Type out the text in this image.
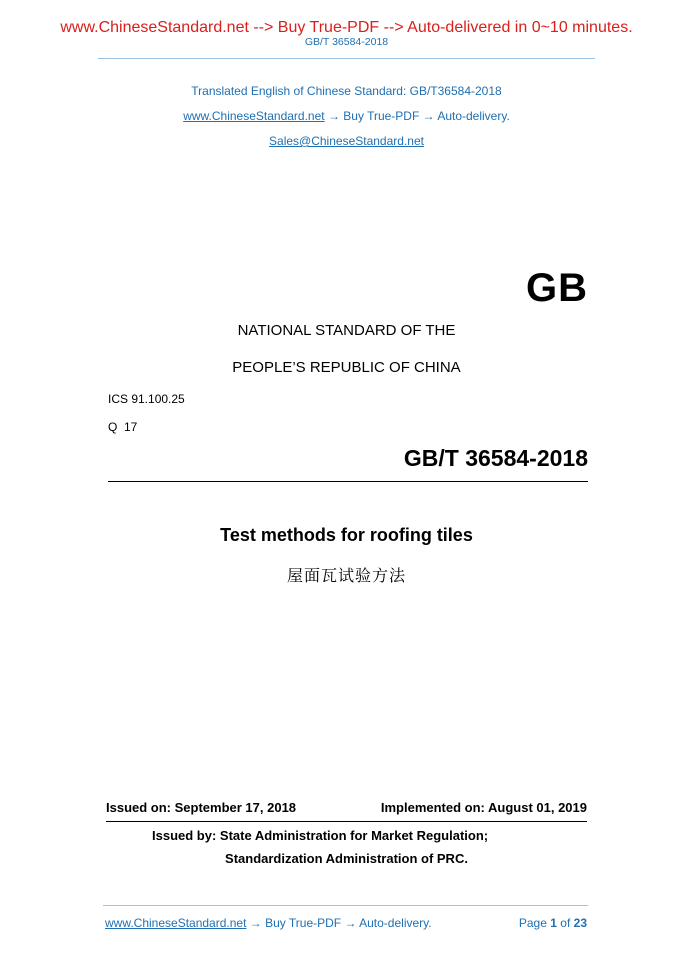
www.ChineseStandard.net --> Buy True-PDF --> Auto-delivered in 0~10 minutes.
GB/T 36584-2018
Translated English of Chinese Standard: GB/T36584-2018
www.ChineseStandard.net → Buy True-PDF → Auto-delivery.
Sales@ChineseStandard.net
GB
NATIONAL STANDARD OF THE
PEOPLE’S REPUBLIC OF CHINA
ICS 91.100.25
Q  17
GB/T 36584-2018
Test methods for roofing tiles
屋面瓦试验方法
Issued on: September 17, 2018	Implemented on: August 01, 2019
Issued by: State Administration for Market Regulation;
Standardization Administration of PRC.
www.ChineseStandard.net → Buy True-PDF → Auto-delivery.	Page 1 of 23
